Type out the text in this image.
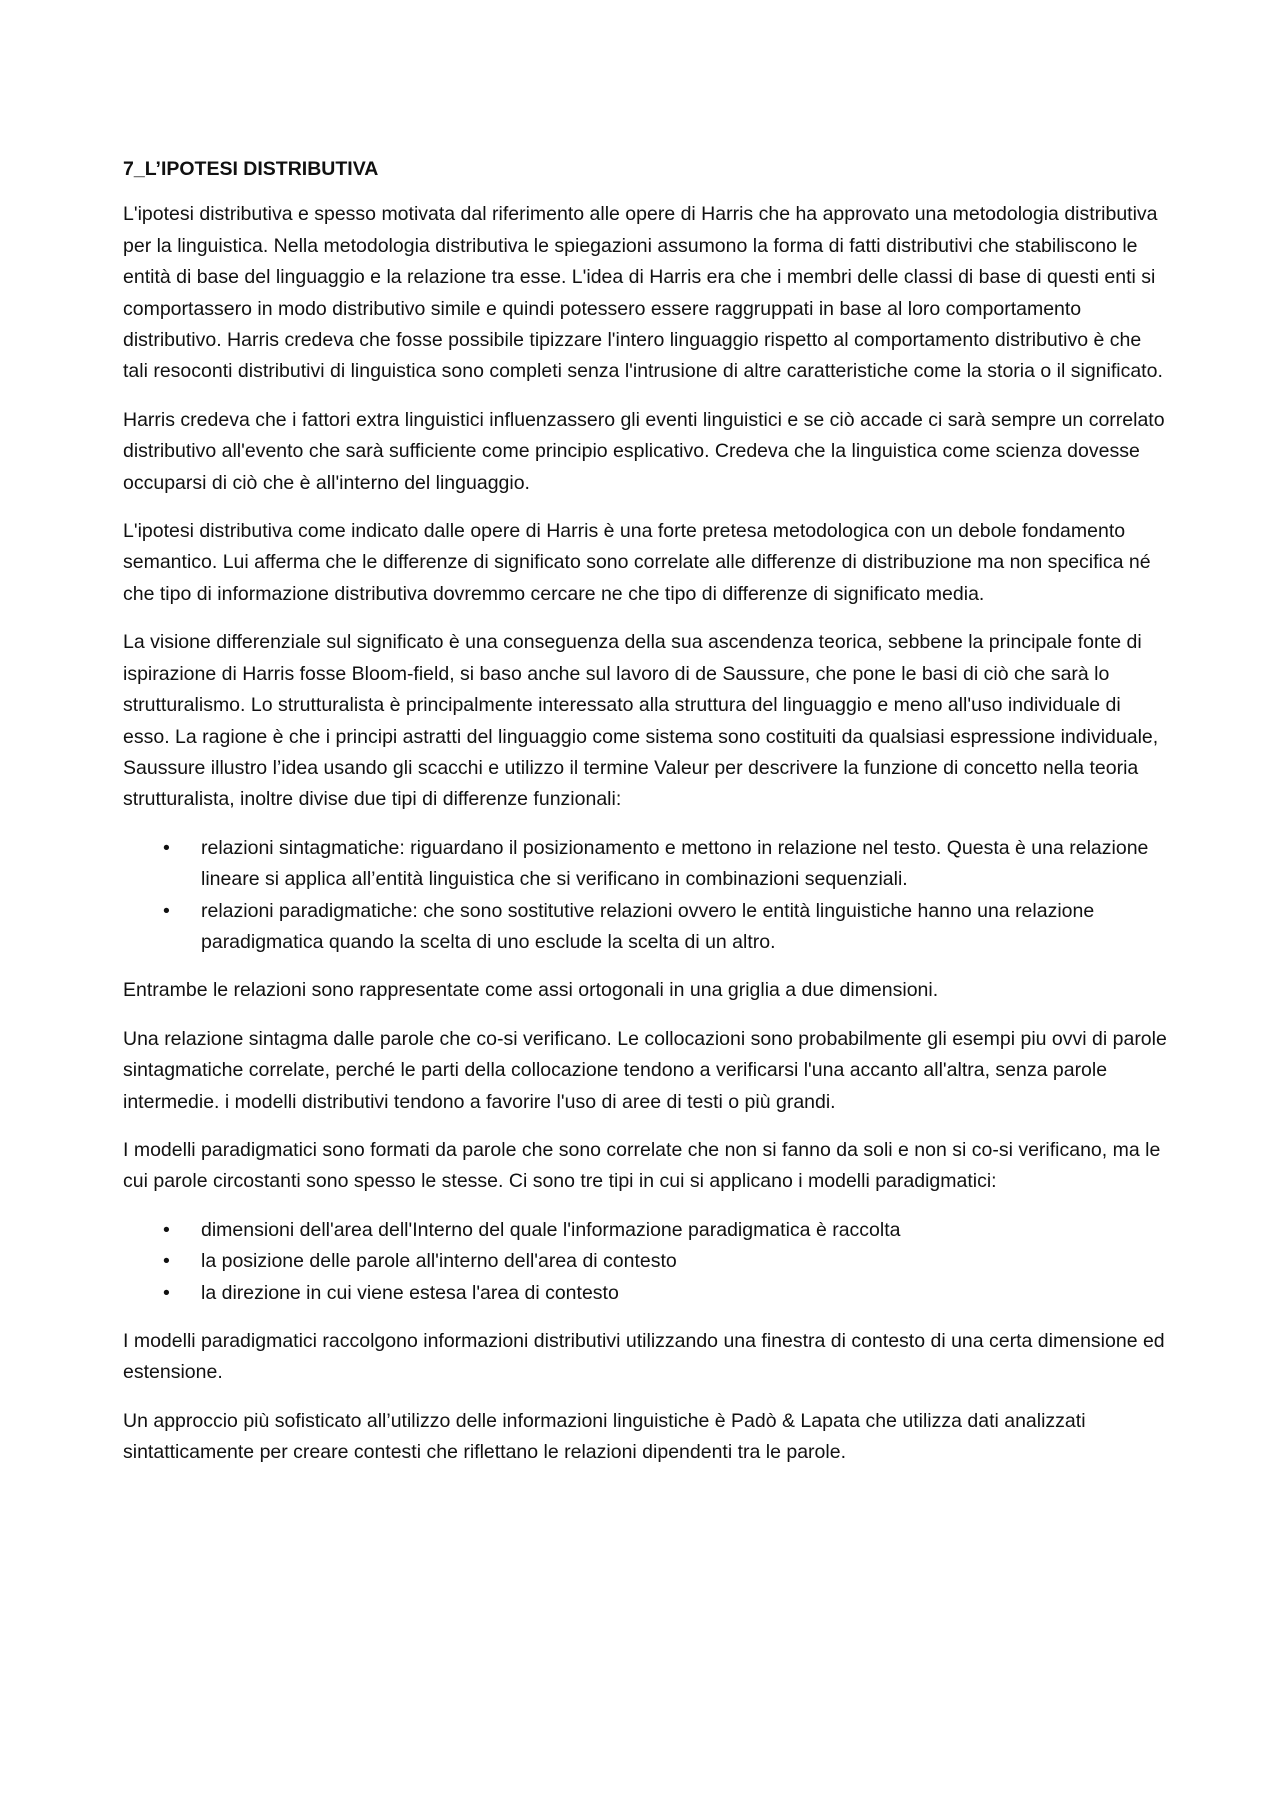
7_L’IPOTESI DISTRIBUTIVA

L'ipotesi distributiva e spesso motivata dal riferimento alle opere di Harris che ha approvato una metodologia distributiva per la linguistica. Nella metodologia distributiva le spiegazioni assumono la forma di fatti distributivi che stabiliscono le entità di base del linguaggio e la relazione tra esse. L'idea di Harris era che i membri delle classi di base di questi enti si comportassero in modo distributivo simile e quindi potessero essere raggruppati in base al loro comportamento distributivo. Harris credeva che fosse possibile tipizzare l'intero linguaggio rispetto al comportamento distributivo è che tali resoconti distributivi di linguistica sono completi senza l'intrusione di altre caratteristiche come la storia o il significato.

Harris credeva che i fattori extra linguistici influenzassero gli eventi linguistici e se ciò accade ci sarà sempre un correlato distributivo all'evento che sarà sufficiente come principio esplicativo. Credeva che la linguistica come scienza dovesse occuparsi di ciò che è all'interno del linguaggio.

L'ipotesi distributiva come indicato dalle opere di Harris è una forte pretesa metodologica con un debole fondamento semantico. Lui afferma che le differenze di significato sono correlate alle differenze di distribuzione ma non specifica né che tipo di informazione distributiva dovremmo cercare ne che tipo di differenze di significato media.

La visione differenziale sul significato è una conseguenza della sua ascendenza teorica, sebbene la principale fonte di ispirazione di Harris fosse Bloom-field, si baso anche sul lavoro di de Saussure, che pone le basi di ciò che sarà lo strutturalismo. Lo strutturalista è principalmente interessato alla struttura del linguaggio e meno all'uso individuale di esso. La ragione è che i principi astratti del linguaggio come sistema sono costituiti da qualsiasi espressione individuale, Saussure illustro l’idea usando gli scacchi e utilizzo il termine Valeur per descrivere la funzione di concetto nella teoria strutturalista, inoltre divise due tipi di differenze funzionali:

• relazioni sintagmatiche: riguardano il posizionamento e mettono in relazione nel testo. Questa è una relazione lineare si applica all’entità linguistica che si verificano in combinazioni sequenziali.
• relazioni paradigmatiche: che sono sostitutive relazioni ovvero le entità linguistiche hanno una relazione paradigmatica quando la scelta di uno esclude la scelta di un altro.

Entrambe le relazioni sono rappresentate come assi ortogonali in una griglia a due dimensioni.

Una relazione sintagma dalle parole che co-si verificano. Le collocazioni sono probabilmente gli esempi piu ovvi di parole sintagmatiche correlate, perché le parti della collocazione tendono a verificarsi l'una accanto all'altra, senza parole intermedie. i modelli distributivi tendono a favorire l'uso di aree di testi o più grandi.

I modelli paradigmatici sono formati da parole che sono correlate che non si fanno da soli e non si co-si verificano, ma le cui parole circostanti sono spesso le stesse. Ci sono tre tipi in cui si applicano i modelli paradigmatici:

• dimensioni dell'area dell'Interno del quale l'informazione paradigmatica è raccolta
• la posizione delle parole all'interno dell'area di contesto
• la direzione in cui viene estesa l'area di contesto

I modelli paradigmatici raccolgono informazioni distributivi utilizzando una finestra di contesto di una certa dimensione ed estensione.

Un approccio più sofisticato all’utilizzo delle informazioni linguistiche è Padò & Lapata che utilizza dati analizzati sintatticamente per creare contesti che riflettano le relazioni dipendenti tra le parole.
